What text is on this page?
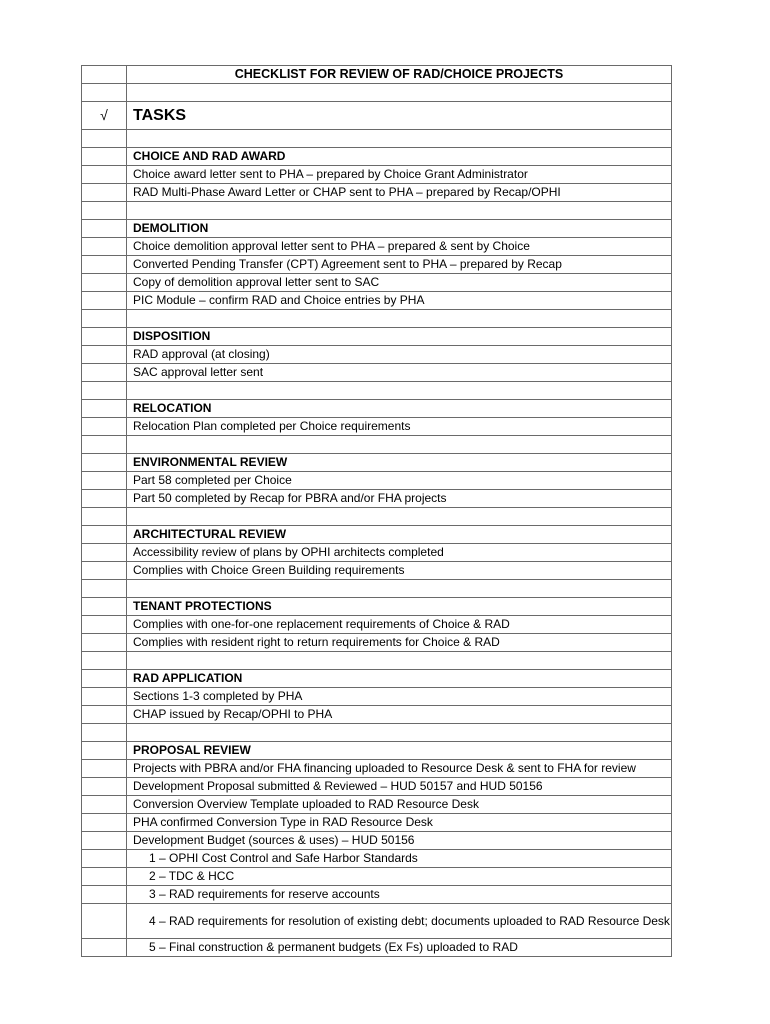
	CHECKLIST FOR REVIEW OF RAD/CHOICE PROJECTS

√	TASKS

	CHOICE AND RAD AWARD
	Choice award letter sent to PHA – prepared by Choice Grant Administrator
	RAD Multi-Phase Award Letter or CHAP sent to PHA – prepared by Recap/OPHI

	DEMOLITION
	Choice demolition approval letter sent to PHA – prepared & sent by Choice
	Converted Pending Transfer (CPT) Agreement sent to PHA – prepared by Recap
	Copy of demolition approval letter sent to SAC
	PIC Module – confirm RAD and Choice entries by PHA

	DISPOSITION
	RAD approval (at closing)
	SAC approval letter sent

	RELOCATION
	Relocation Plan completed per Choice requirements

	ENVIRONMENTAL REVIEW
	Part 58 completed per Choice
	Part 50 completed by Recap for PBRA and/or FHA projects

	ARCHITECTURAL REVIEW
	Accessibility review of plans by OPHI architects completed
	Complies with Choice Green Building requirements

	TENANT PROTECTIONS
	Complies with one-for-one replacement requirements of Choice & RAD
	Complies with resident right to return requirements for Choice & RAD

	RAD APPLICATION
	Sections 1-3 completed by PHA
	CHAP issued by Recap/OPHI to PHA

	PROPOSAL REVIEW
	Projects with PBRA and/or FHA financing uploaded to Resource Desk & sent to FHA for review
	Development Proposal submitted & Reviewed – HUD 50157 and HUD 50156
	Conversion Overview Template uploaded to RAD Resource Desk
	PHA confirmed Conversion Type in RAD Resource Desk
	Development Budget (sources & uses) – HUD 50156
	1 – OPHI Cost Control and Safe Harbor Standards
	2 – TDC & HCC
	3 – RAD requirements for reserve accounts

	4 – RAD requirements for resolution of existing debt; documents uploaded to RAD Resource Desk

	5 – Final construction & permanent budgets (Ex Fs) uploaded to RAD
